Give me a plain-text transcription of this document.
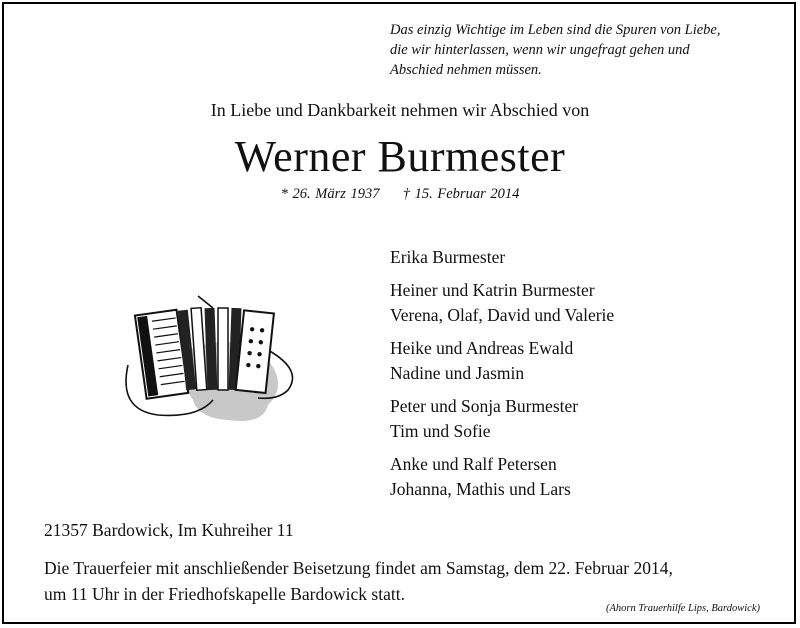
Das einzig Wichtige im Leben sind die Spuren von Liebe,
die wir hinterlassen, wenn wir ungefragt gehen und
Abschied nehmen müssen.
In Liebe und Dankbarkeit nehmen wir Abschied von
Werner Burmester
* 26. März 1937 † 15. Februar 2014
Erika Burmester
Heiner und Katrin Burmester
Verena, Olaf, David und Valerie
Heike und Andreas Ewald
Nadine und Jasmin
Peter und Sonja Burmester
Tim und Sofie
Anke und Ralf Petersen
Johanna, Mathis und Lars
21357 Bardowick, Im Kuhreiher 11
Die Trauerfeier mit anschließender Beisetzung findet am Samstag, dem 22. Februar 2014,
um 11 Uhr in der Friedhofskapelle Bardowick statt.
(Ahorn Trauerhilfe Lips, Bardowick)
